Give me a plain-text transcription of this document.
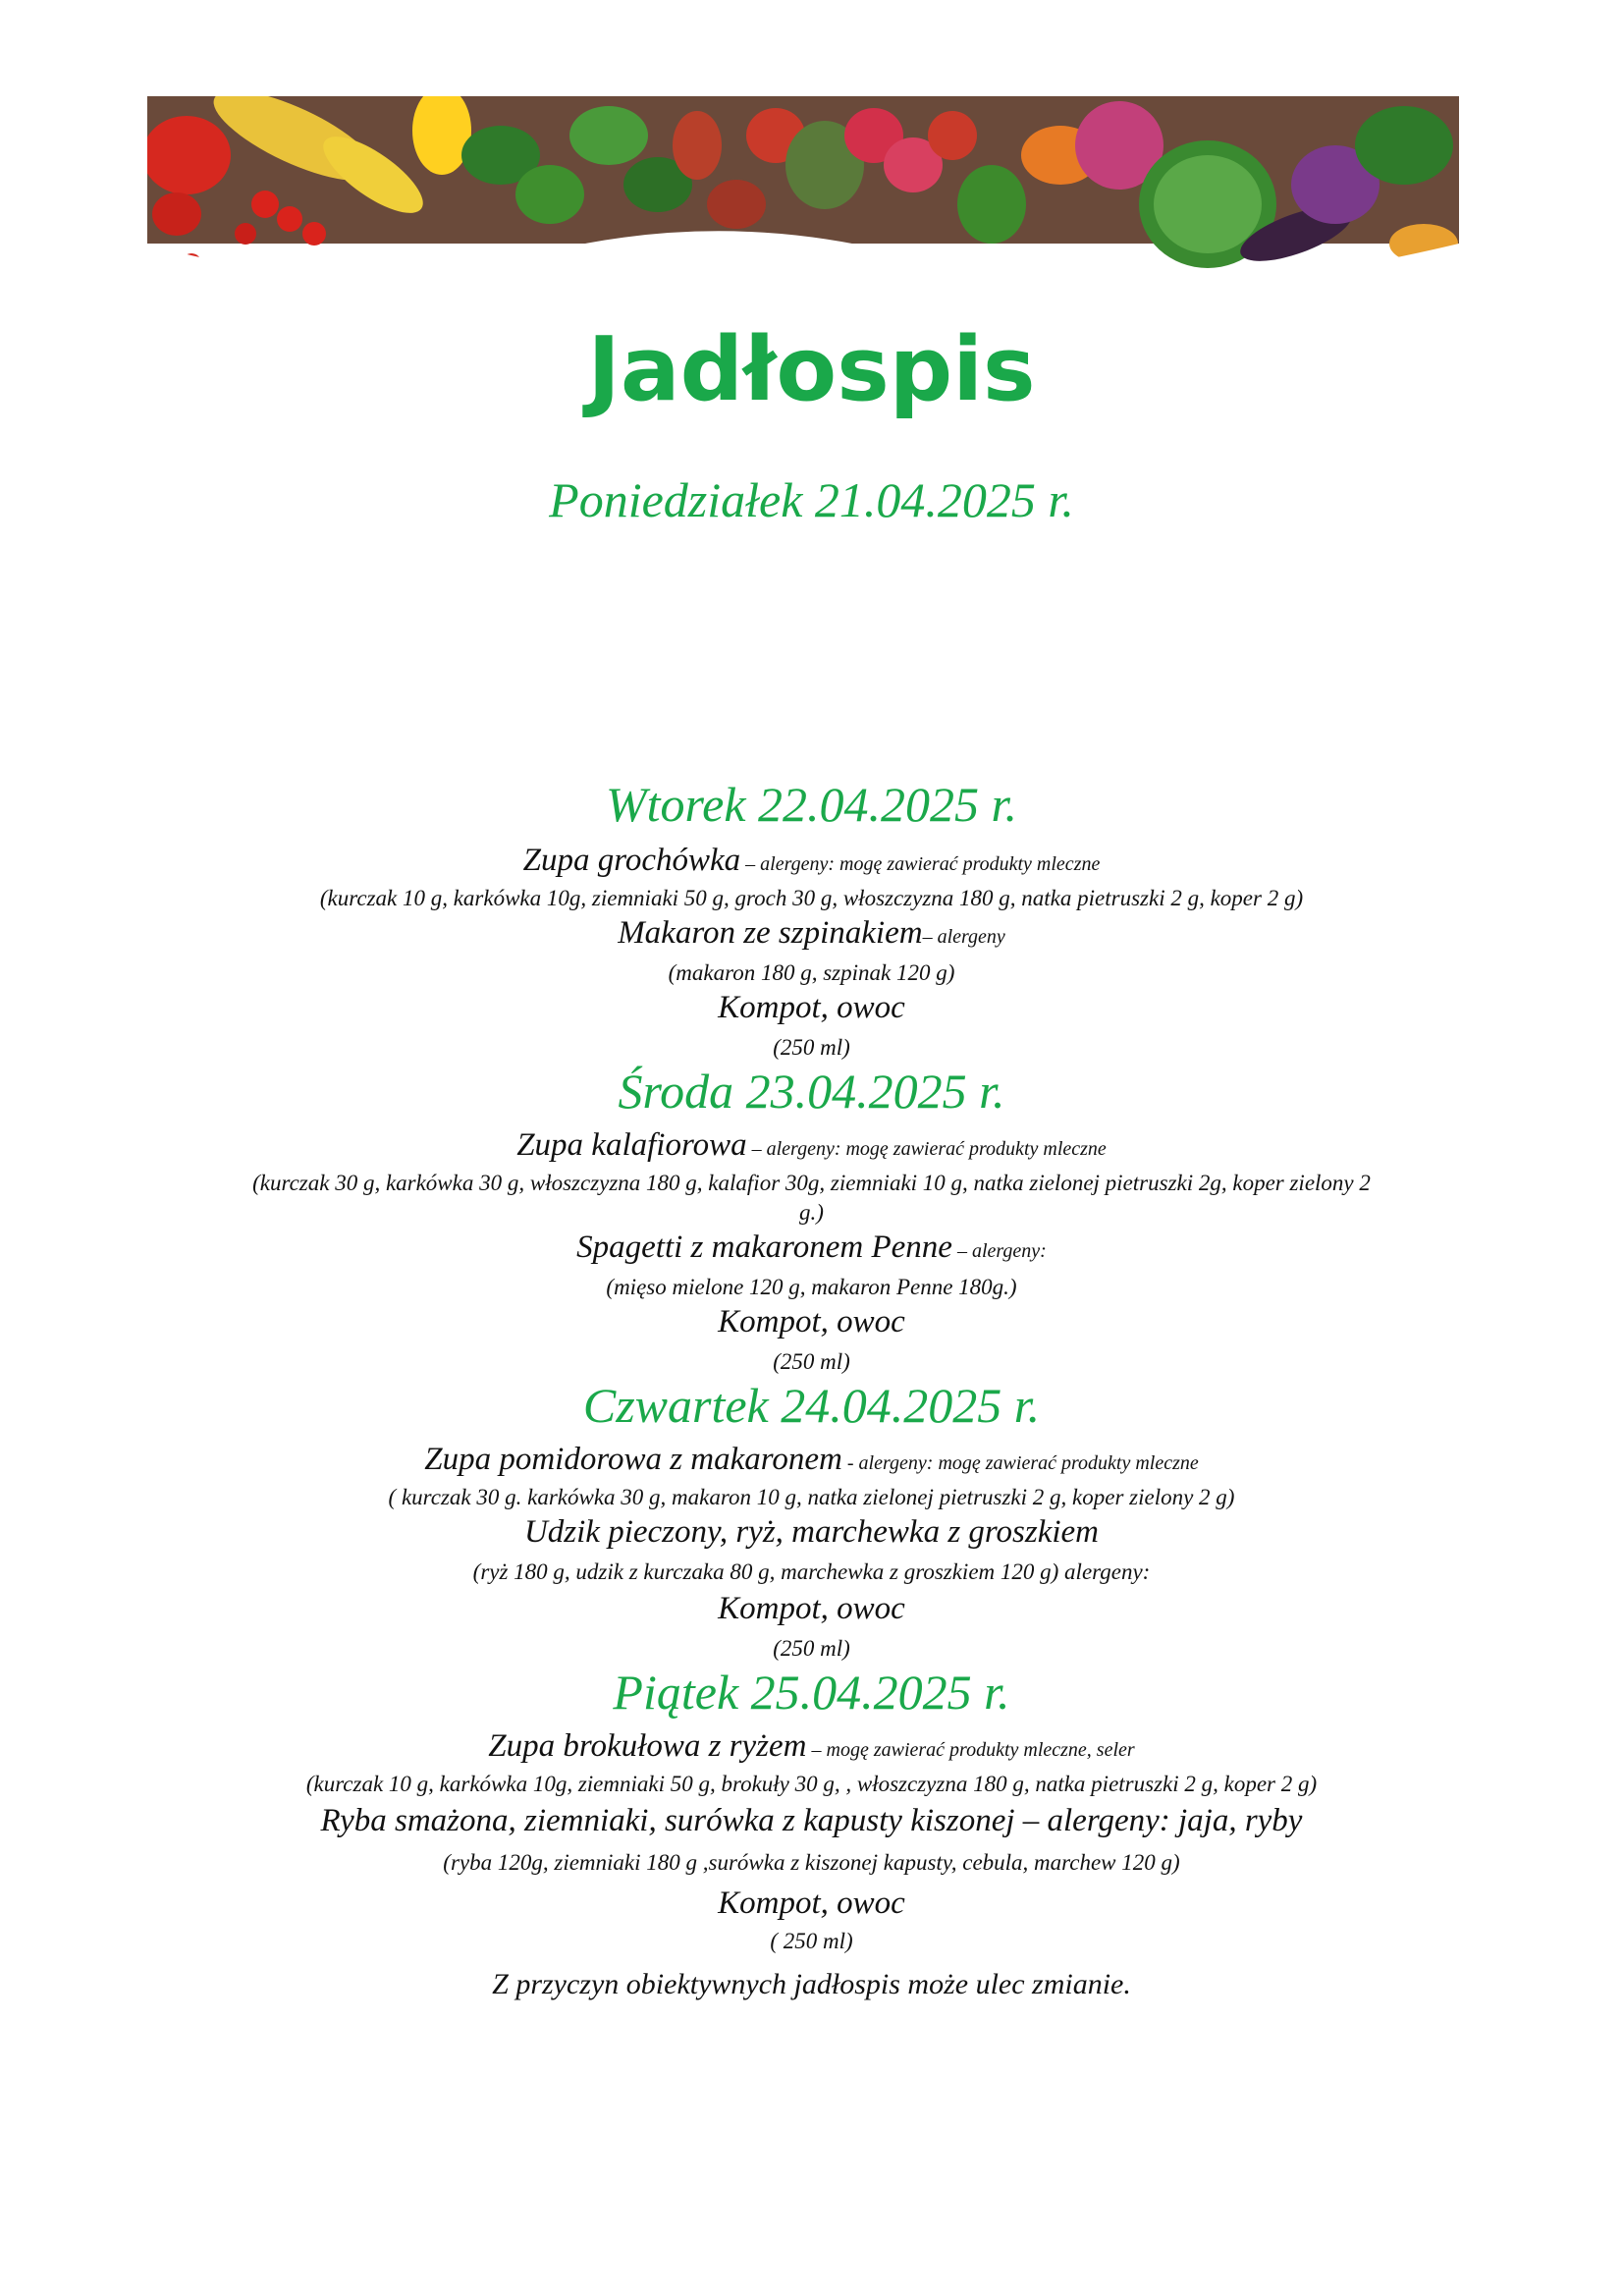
Jadłospis
Poniedziałek 21.04.2025 r.
Wtorek 22.04.2025 r.
Zupa grochówka – alergeny: mogę zawierać produkty mleczne
(kurczak 10 g, karkówka 10g, ziemniaki 50 g, groch 30 g, włoszczyzna 180 g, natka pietruszki 2 g, koper 2 g)
Makaron ze szpinakiem– alergeny
(makaron 180 g, szpinak 120 g)
Kompot, owoc
(250 ml)
Środa 23.04.2025 r.
Zupa kalafiorowa – alergeny: mogę zawierać produkty mleczne
(kurczak 30 g, karkówka 30 g, włoszczyzna 180 g, kalafior 30g, ziemniaki 10 g, natka zielonej pietruszki 2g, koper zielony 2
g.)
Spagetti z makaronem Penne – alergeny:
(mięso mielone 120 g, makaron Penne 180g.)
Kompot, owoc
(250 ml)
Czwartek 24.04.2025 r.
Zupa pomidorowa z makaronem - alergeny: mogę zawierać produkty mleczne
( kurczak 30 g. karkówka 30 g, makaron 10 g, natka zielonej pietruszki 2 g, koper zielony 2 g)
Udzik pieczony, ryż, marchewka z groszkiem
(ryż 180 g, udzik z kurczaka 80 g, marchewka z groszkiem 120 g) alergeny:
Kompot, owoc
(250 ml)
Piątek 25.04.2025 r.
Zupa brokułowa z ryżem – mogę zawierać produkty mleczne, seler
(kurczak 10 g, karkówka 10g, ziemniaki 50 g, brokuły 30 g, , włoszczyzna 180 g, natka pietruszki 2 g, koper 2 g)
Ryba smażona, ziemniaki, surówka z kapusty kiszonej – alergeny: jaja, ryby
(ryba 120g, ziemniaki 180 g ,surówka z kiszonej kapusty, cebula, marchew 120 g)
Kompot, owoc
( 250 ml)
Z przyczyn obiektywnych jadłospis może ulec zmianie.
